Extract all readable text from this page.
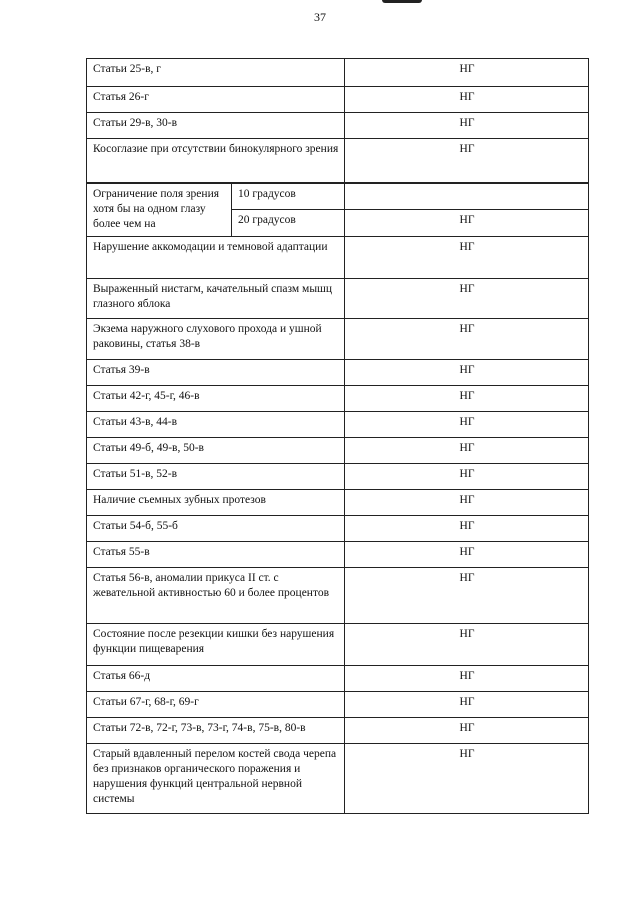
37
Статьи 25-в, г		НГ
Статья 26-г		НГ
Статьи 29-в, 30-в		НГ
Косоглазие при отсутствии бинокулярного зрения		НГ
Ограничение поля зрения хотя бы на одном глазу более чем на	10 градусов	
	20 градусов	НГ
Нарушение аккомодации и темновой адаптации		НГ
Выраженный нистагм, качательный спазм мышц глазного яблока		НГ
Экзема наружного слухового прохода и ушной раковины, статья 38-в		НГ
Статья 39-в		НГ
Статьи 42-г, 45-г, 46-в		НГ
Статьи 43-в, 44-в		НГ
Статьи 49-б, 49-в, 50-в		НГ
Статьи 51-в, 52-в		НГ
Наличие съемных зубных протезов		НГ
Статьи 54-б, 55-б		НГ
Статья 55-в		НГ
Статья 56-в, аномалии прикуса II ст. с жевательной активностью 60 и более процентов		НГ
Состояние после резекции кишки без нарушения функции пищеварения		НГ
Статья 66-д		НГ
Статьи 67-г, 68-г, 69-г		НГ
Статьи 72-в, 72-г, 73-в, 73-г, 74-в, 75-в, 80-в		НГ
Старый вдавленный перелом костей свода черепа без признаков органического поражения и нарушения функций центральной нервной системы		НГ
